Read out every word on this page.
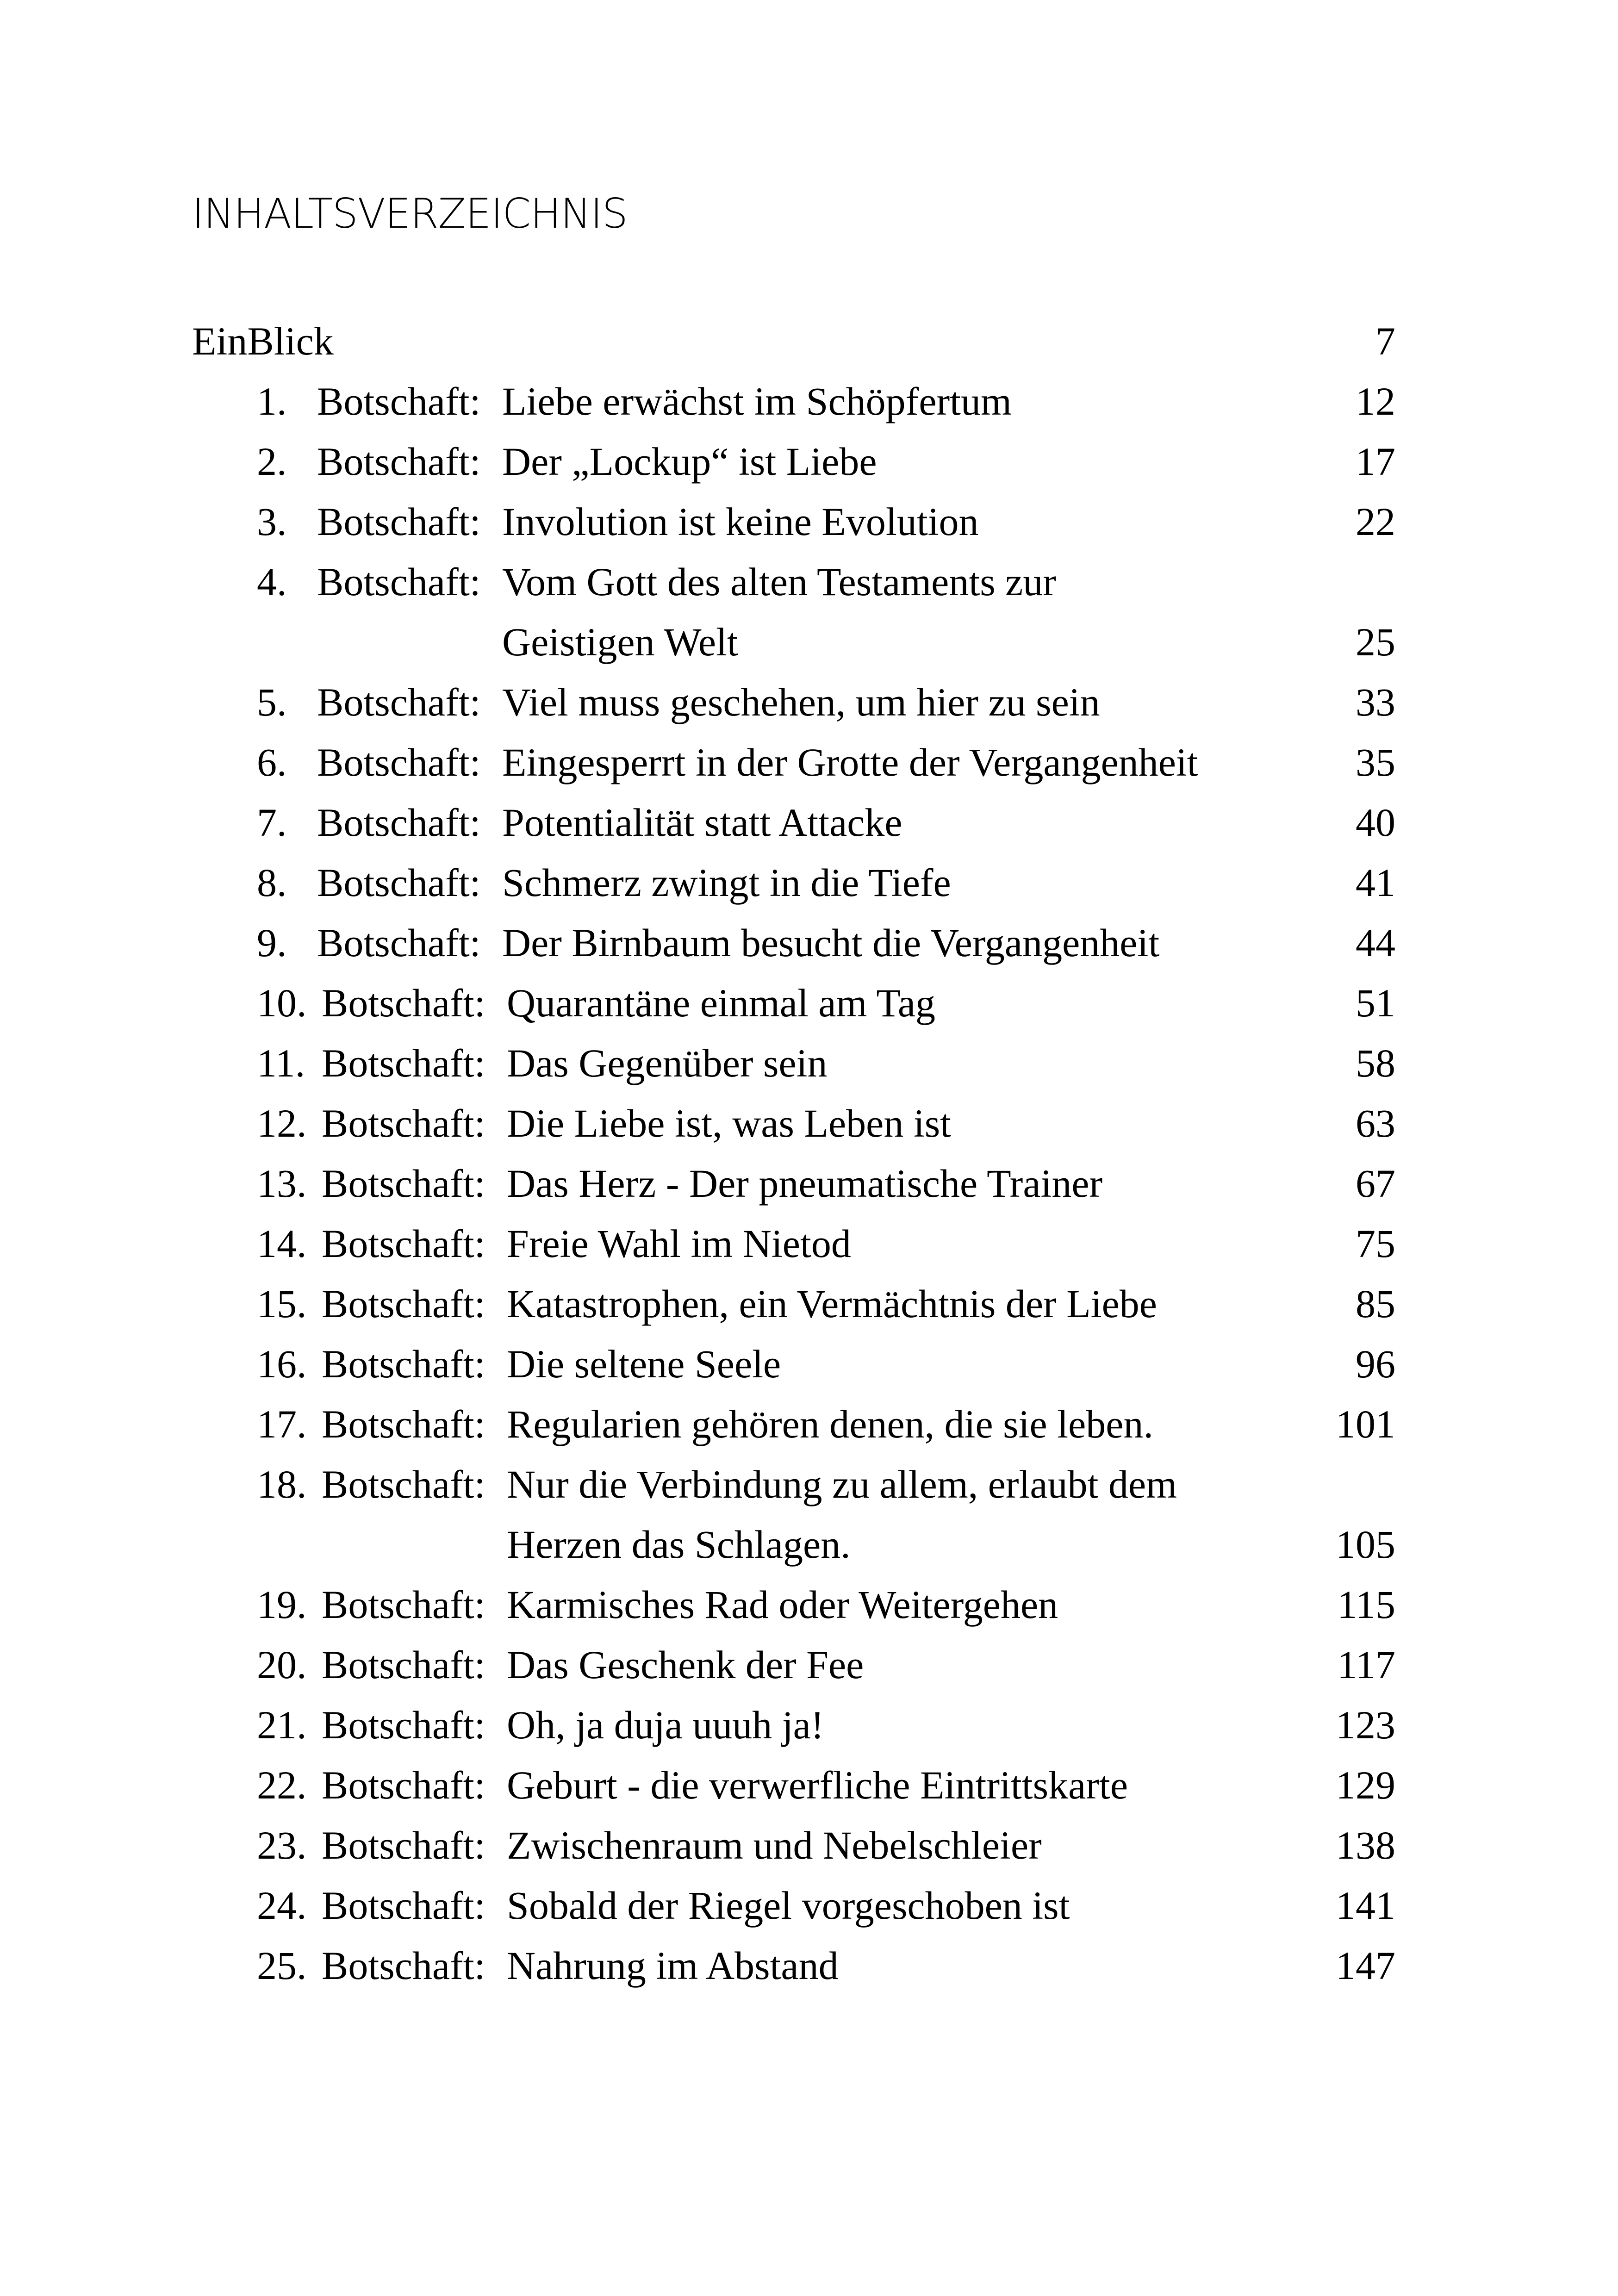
INHALTSVERZEICHNIS
EinBlick	7
1. Botschaft: Liebe erwächst im Schöpfertum	12
2. Botschaft: Der „Lockup“ ist Liebe	17
3. Botschaft: Involution ist keine Evolution	22
4. Botschaft: Vom Gott des alten Testaments zur
Geistigen Welt	25
5. Botschaft: Viel muss geschehen, um hier zu sein	33
6. Botschaft: Eingesperrt in der Grotte der Vergangenheit	35
7. Botschaft: Potentialität statt Attacke	40
8. Botschaft: Schmerz zwingt in die Tiefe	41
9. Botschaft: Der Birnbaum besucht die Vergangenheit	44
10. Botschaft: Quarantäne einmal am Tag	51
11. Botschaft: Das Gegenüber sein	58
12. Botschaft: Die Liebe ist, was Leben ist	63
13. Botschaft: Das Herz - Der pneumatische Trainer	67
14. Botschaft: Freie Wahl im Nietod	75
15. Botschaft: Katastrophen, ein Vermächtnis der Liebe	85
16. Botschaft: Die seltene Seele	96
17. Botschaft: Regularien gehören denen, die sie leben.	101
18. Botschaft: Nur die Verbindung zu allem, erlaubt dem
Herzen das Schlagen.	105
19. Botschaft: Karmisches Rad oder Weitergehen	115
20. Botschaft: Das Geschenk der Fee	117
21. Botschaft: Oh, ja duja uuuh ja!	123
22. Botschaft: Geburt - die verwerfliche Eintrittskarte	129
23. Botschaft: Zwischenraum und Nebelschleier	138
24. Botschaft: Sobald der Riegel vorgeschoben ist	141
25. Botschaft: Nahrung im Abstand	147
